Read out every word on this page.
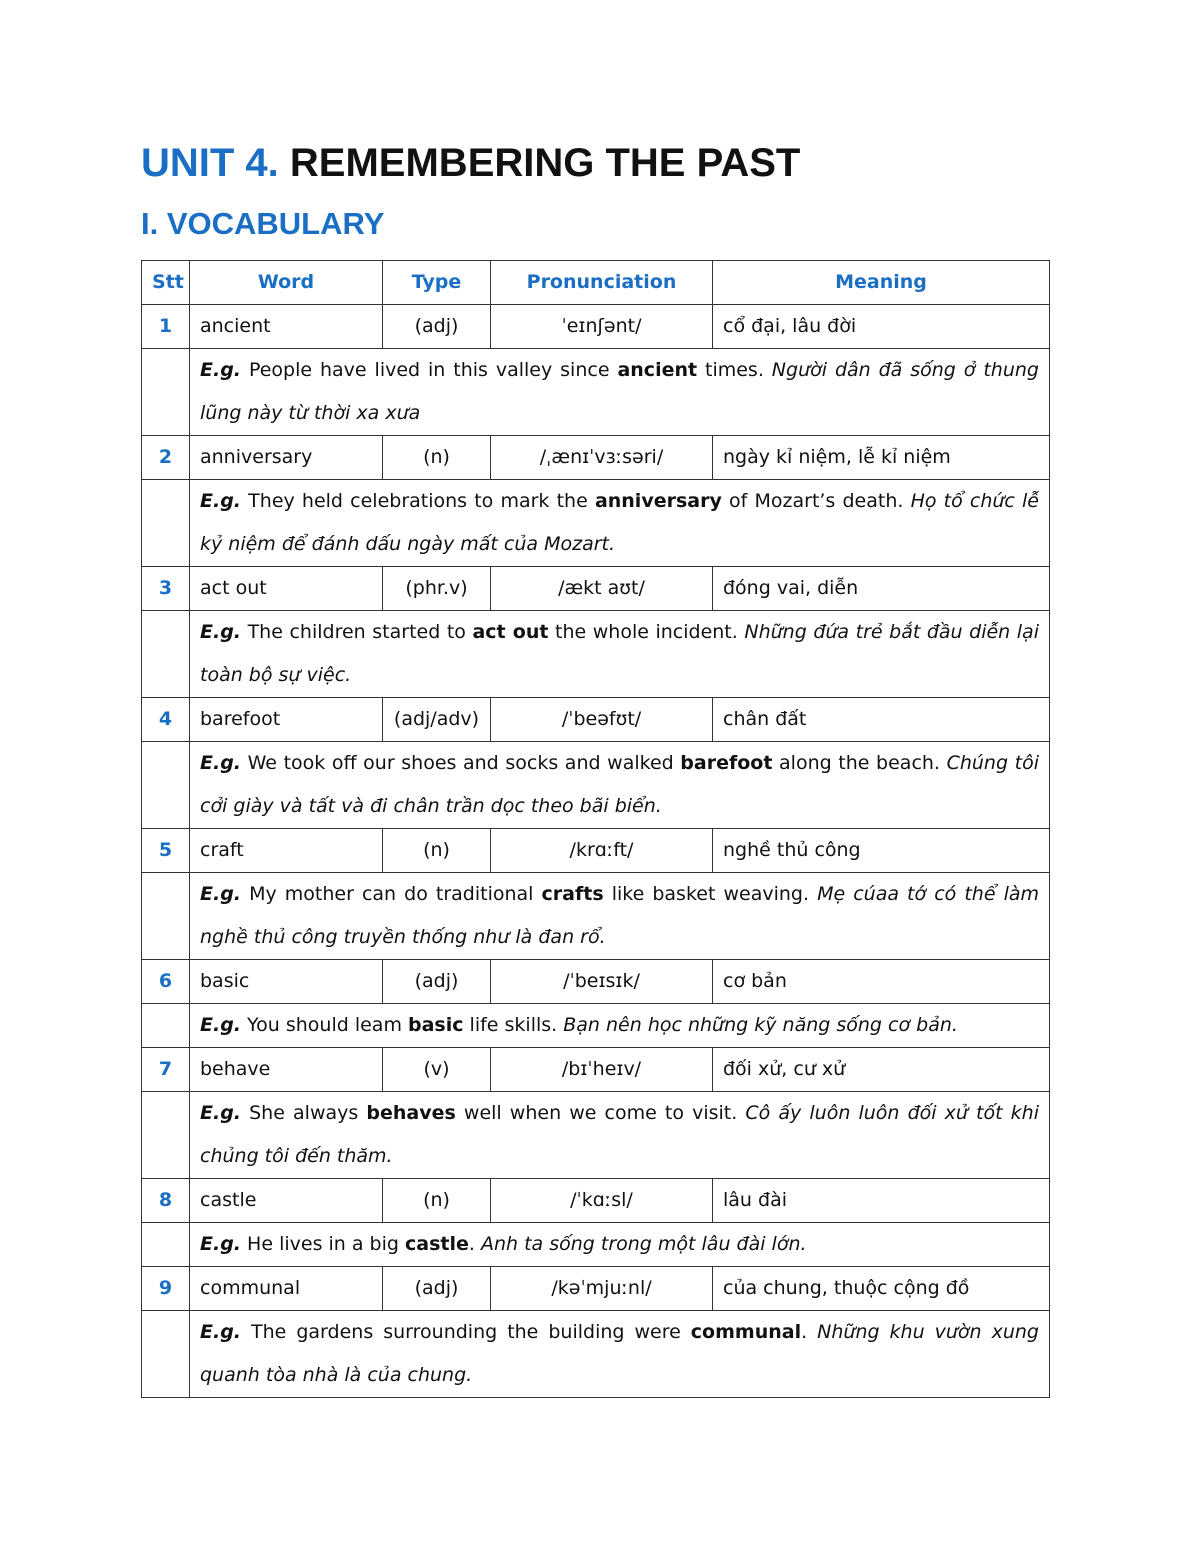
UNIT 4. REMEMBERING THE PAST
I. VOCABULARY
Stt	Word	Type	Pronunciation	Meaning
1	ancient	(adj)	ˈeɪnʃənt/	cổ đại, lâu đời
	E.g. People have lived in this valley since ancient times. Người dân đã sống ở thung lũng này từ thời xa xưa			
2	anniversary	(n)	/ˌænɪˈvɜːsəri/	ngày kỉ niệm, lễ kỉ niệm
	E.g. They held celebrations to mark the anniversary of Mozart’s death. Họ tổ chức lễ kỷ niệm để đánh dấu ngày mất của Mozart.			
3	act out	(phr.v)	/ækt aʊt/	đóng vai, diễn
	E.g. The children started to act out the whole incident. Những đứa trẻ bắt đầu diễn lại toàn bộ sự việc.			
4	barefoot	(adj/adv)	/ˈbeəfʊt/	chân đất
	E.g. We took off our shoes and socks and walked barefoot along the beach. Chúng tôi cởi giày và tất và đi chân trần dọc theo bãi biển.			
5	craft	(n)	/krɑːft/	nghề thủ công
	E.g. My mother can do traditional crafts like basket weaving. Mẹ cúaa tớ có thể làm nghề thủ công truyền thống như là đan rổ.			
6	basic	(adj)	/ˈbeɪsɪk/	cơ bản
	E.g. You should leam basic life skills. Bạn nên học những kỹ năng sống cơ bản.			
7	behave	(v)	/bɪˈheɪv/	đối xử, cư xử
	E.g. She always behaves well when we come to visit. Cô ấy luôn luôn đối xử tốt khi chủng tôi đến thăm.			
8	castle	(n)	/ˈkɑːsl/	lâu đài
	E.g. He lives in a big castle. Anh ta sống trong một lâu đài lớn.			
9	communal	(adj)	/kəˈmjuːnl/	của chung, thuộc cộng đồ
	E.g. The gardens surrounding the building were communal. Những khu vườn xung quanh tòa nhà là của chung.			
